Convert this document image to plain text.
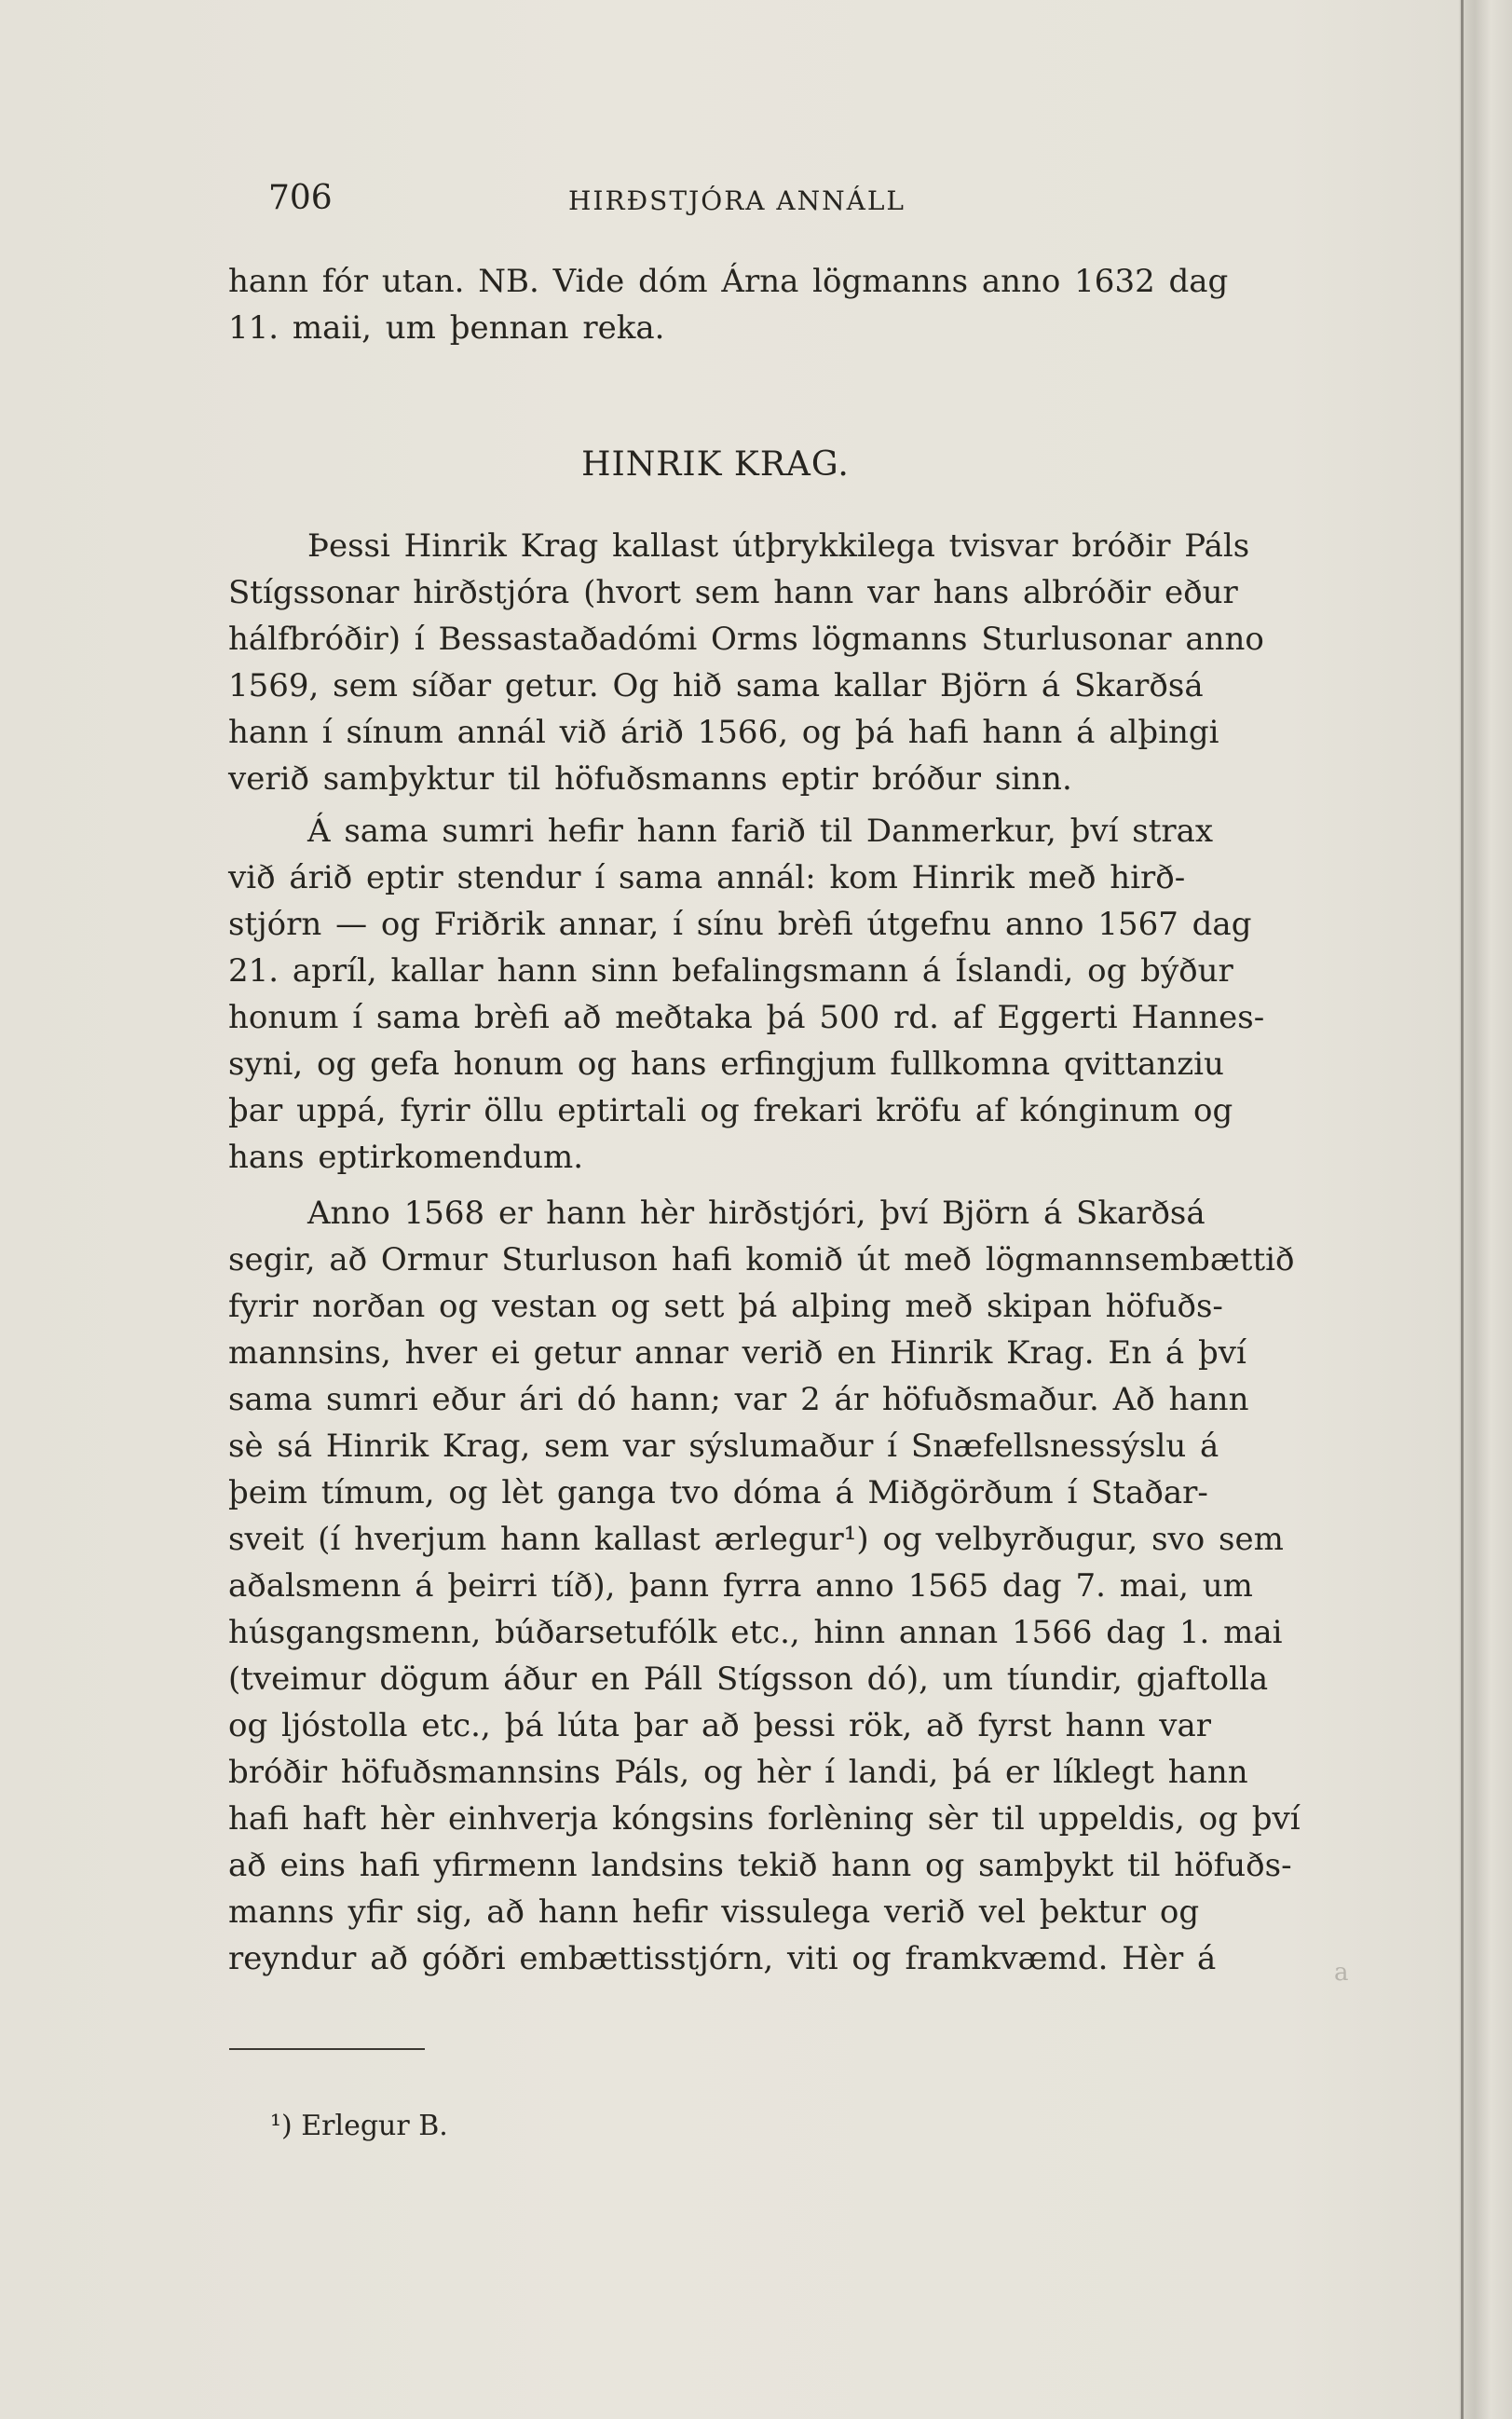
706	HIRÐSTJÓRA ANNÁLL
hann fór utan. NB. Vide dóm Árna lögmanns anno 1632 dag
11. maii, um þennan reka.
HINRIK KRAG.
Þessi Hinrik Krag kallast útþrykkilega tvisvar bróðir Páls
Stígssonar hirðstjóra (hvort sem hann var hans albróðir eður
hálfbróðir) í Bessastaðadómi Orms lögmanns Sturlusonar anno
1569, sem síðar getur. Og hið sama kallar Björn á Skarðsá
hann í sínum annál við árið 1566, og þá hafi hann á alþingi
verið samþyktur til höfuðsmanns eptir bróður sinn.
Á sama sumri hefir hann farið til Danmerkur, því strax
við árið eptir stendur í sama annál: kom Hinrik með hirð-
stjórn — og Friðrik annar, í sínu brèfi útgefnu anno 1567 dag
21. apríl, kallar hann sinn befalingsmann á Íslandi, og býður
honum í sama brèfi að meðtaka þá 500 rd. af Eggerti Hannes-
syni, og gefa honum og hans erfingjum fullkomna qvittanziu
þar uppá, fyrir öllu eptirtali og frekari kröfu af kónginum og
hans eptirkomendum.
Anno 1568 er hann hèr hirðstjóri, því Björn á Skarðsá
segir, að Ormur Sturluson hafi komið út með lögmannsembættið
fyrir norðan og vestan og sett þá alþing með skipan höfuðs-
mannsins, hver ei getur annar verið en Hinrik Krag. En á því
sama sumri eður ári dó hann; var 2 ár höfuðsmaður. Að hann
sè sá Hinrik Krag, sem var sýslumaður í Snæfellsnessýslu á
þeim tímum, og lèt ganga tvo dóma á Miðgörðum í Staðar-
sveit (í hverjum hann kallast ærlegur¹) og velbyrðugur, svo sem
aðalsmenn á þeirri tíð), þann fyrra anno 1565 dag 7. mai, um
húsgangsmenn, búðarsetufólk etc., hinn annan 1566 dag 1. mai
(tveimur dögum áður en Páll Stígsson dó), um tíundir, gjaftolla
og ljóstolla etc., þá lúta þar að þessi rök, að fyrst hann var
bróðir höfuðsmannsins Páls, og hèr í landi, þá er líklegt hann
hafi haft hèr einhverja kóngsins forlèning sèr til uppeldis, og því
að eins hafi yfirmenn landsins tekið hann og samþykt til höfuðs-
manns yfir sig, að hann hefir vissulega verið vel þektur og
reyndur að góðri embættisstjórn, viti og framkvæmd. Hèr á	a
¹) Erlegur B.
